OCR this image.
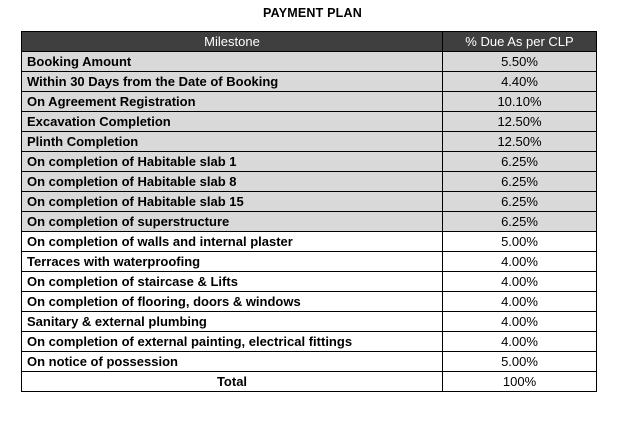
PAYMENT PLAN
Milestone	% Due As per CLP
Booking Amount	5.50%
Within 30 Days from the Date of Booking	4.40%
On Agreement Registration	10.10%
Excavation Completion	12.50%
Plinth Completion	12.50%
On completion of Habitable slab 1	6.25%
On completion of Habitable slab 8	6.25%
On completion of Habitable slab 15	6.25%
On completion of superstructure	6.25%
On completion of walls and internal plaster	5.00%
Terraces with waterproofing	4.00%
On completion of staircase & Lifts	4.00%
On completion of flooring, doors & windows	4.00%
Sanitary & external plumbing	4.00%
On completion of external painting, electrical fittings	4.00%
On notice of possession	5.00%
Total	100%
